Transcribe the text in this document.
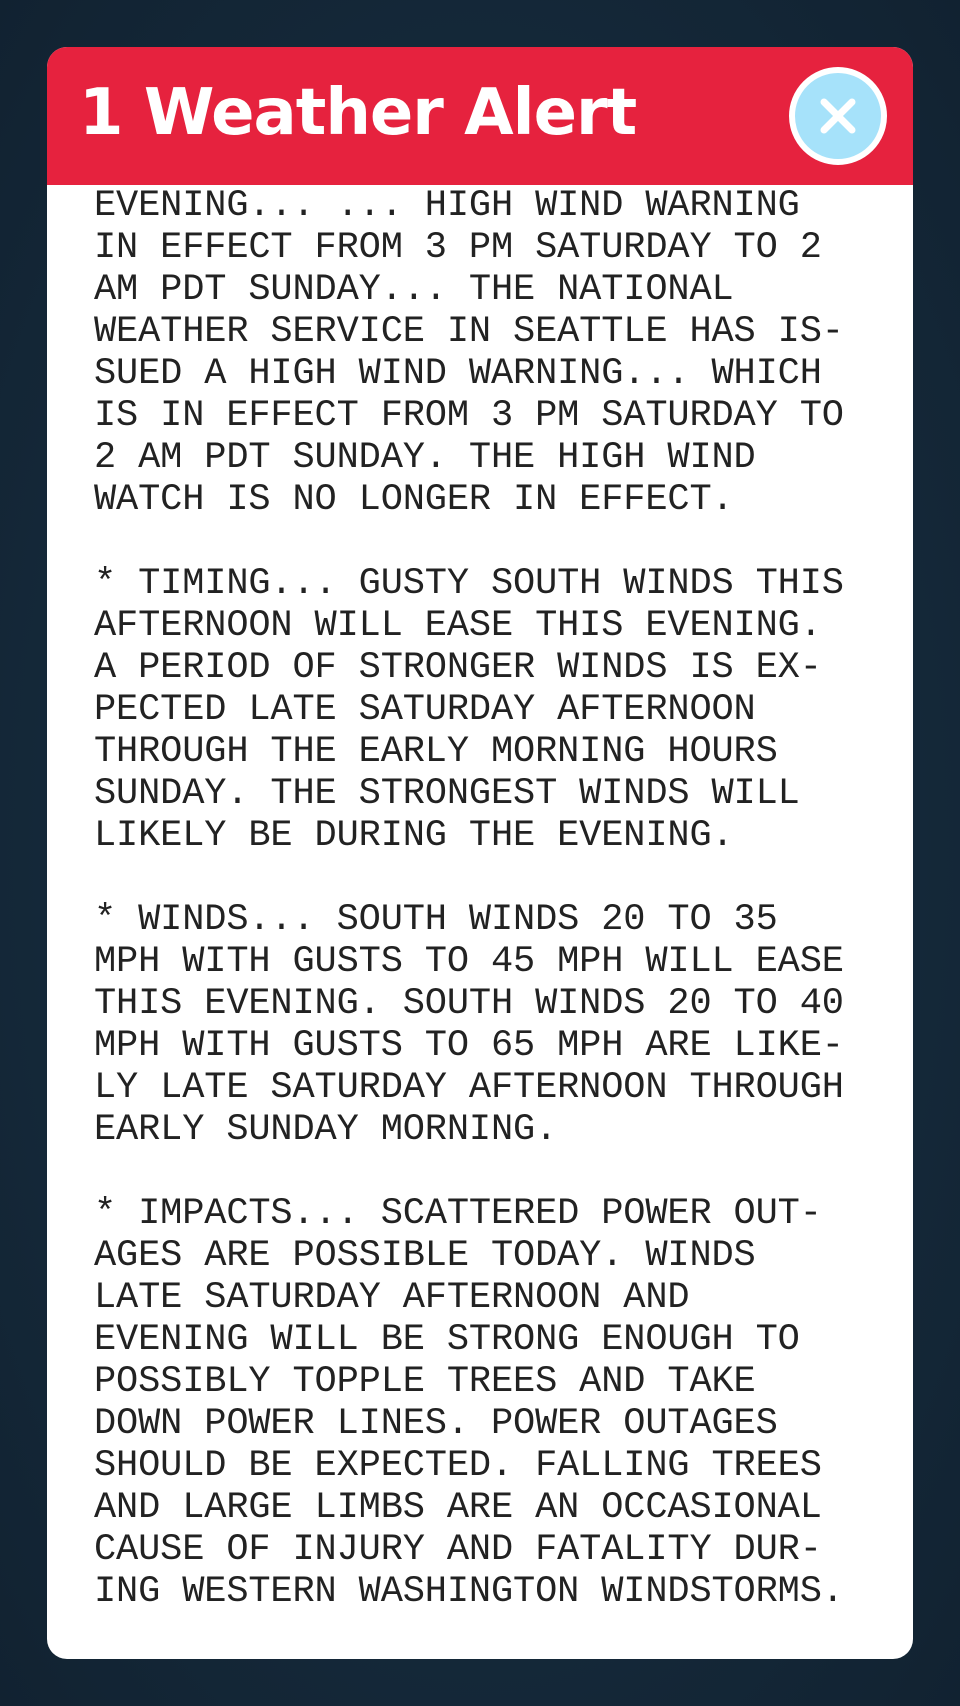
1 Weather Alert
EVENING... ... HIGH WIND WARNING
IN EFFECT FROM 3 PM SATURDAY TO 2
AM PDT SUNDAY... THE NATIONAL
WEATHER SERVICE IN SEATTLE HAS IS-
SUED A HIGH WIND WARNING... WHICH
IS IN EFFECT FROM 3 PM SATURDAY TO
2 AM PDT SUNDAY. THE HIGH WIND
WATCH IS NO LONGER IN EFFECT.

* TIMING... GUSTY SOUTH WINDS THIS
AFTERNOON WILL EASE THIS EVENING.
A PERIOD OF STRONGER WINDS IS EX-
PECTED LATE SATURDAY AFTERNOON
THROUGH THE EARLY MORNING HOURS
SUNDAY. THE STRONGEST WINDS WILL
LIKELY BE DURING THE EVENING.

* WINDS... SOUTH WINDS 20 TO 35
MPH WITH GUSTS TO 45 MPH WILL EASE
THIS EVENING. SOUTH WINDS 20 TO 40
MPH WITH GUSTS TO 65 MPH ARE LIKE-
LY LATE SATURDAY AFTERNOON THROUGH
EARLY SUNDAY MORNING.

* IMPACTS... SCATTERED POWER OUT-
AGES ARE POSSIBLE TODAY. WINDS
LATE SATURDAY AFTERNOON AND
EVENING WILL BE STRONG ENOUGH TO
POSSIBLY TOPPLE TREES AND TAKE
DOWN POWER LINES. POWER OUTAGES
SHOULD BE EXPECTED. FALLING TREES
AND LARGE LIMBS ARE AN OCCASIONAL
CAUSE OF INJURY AND FATALITY DUR-
ING WESTERN WASHINGTON WINDSTORMS.
